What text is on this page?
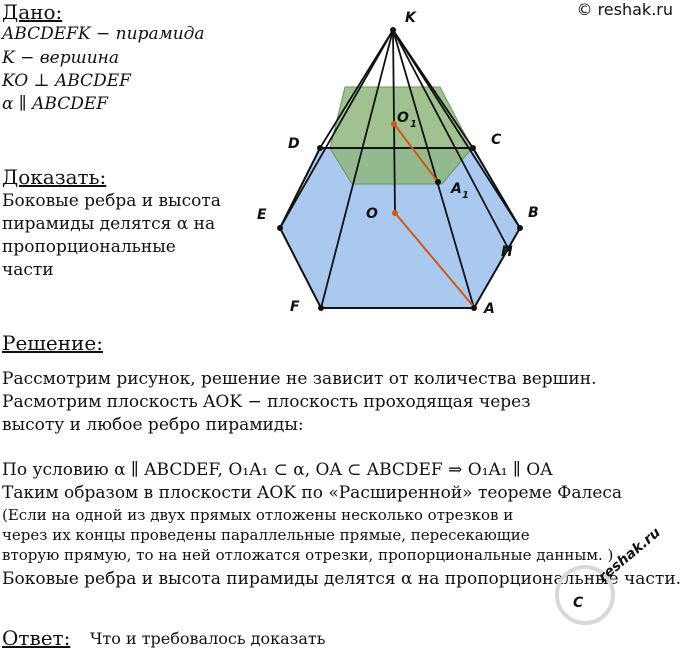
© reshak.ru
Дано:
ABCDEFK − пирамида
K − вершина
KO ⊥ ABCDEF
α ∥ ABCDEF
Доказать:
Боковые ребра и высота
пирамиды делятся α на
пропорциональные
части
K
D	C
E	B
H
F	A
O
O 1
A 1
Решение:
Рассмотрим рисунок, решение не зависит от количества вершин.
Расмотрим плоскость AOK − плоскость проходящая через
высоту и любое ребро пирамиды:
По условию α ∥ ABCDEF, O₁A₁ ⊂ α, OA ⊂ ABCDEF ⇒ O₁A₁ ∥ OA
Таким образом в плоскости AOK по «Расширенной» теореме Фалеса
(Если на одной из двух прямых отложены несколько отрезков и
через их концы проведены параллельные прямые, пересекающие
вторую прямую, то на ней отложатся отрезки, пропорциональные данным. )
Боковые ребра и высота пирамиды делятся α на пропорциональные части.
C
reshak.ru
Ответ: Что и требовалось доказать
